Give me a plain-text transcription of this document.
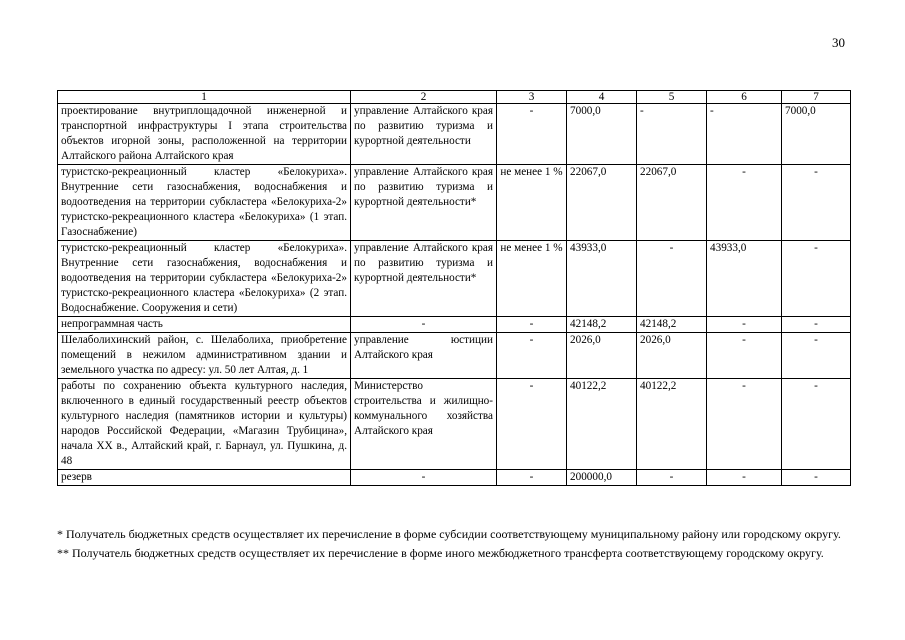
30
1	2	3	4	5	6	7
проектирование внутриплощадочной инженерной и транспортной инфраструктуры I этапа строительства объектов игорной зоны, расположенной на территории Алтайского района Алтайского края	управление Алтайского края по развитию туризма и курортной деятельности	-	7000,0	-	-	7000,0
туристско-рекреационный кластер «Белокуриха». Внутренние сети газоснабжения, водоснабжения и водоотведения на территории субкластера «Белокуриха-2» туристско-рекреационного кластера «Белокуриха» (1 этап. Газоснабжение)	управление Алтайского края по развитию туризма и курортной деятельности*	не менее 1 %	22067,0	22067,0	-	-
туристско-рекреационный кластер «Белокуриха». Внутренние сети газоснабжения, водоснабжения и водоотведения на территории субкластера «Белокуриха-2» туристско-рекреационного кластера «Белокуриха» (2 этап. Водоснабжение. Сооружения и сети)	управление Алтайского края по развитию туризма и курортной деятельности*	не менее 1 %	43933,0	-	43933,0	-
непрограммная часть	-	-	42148,2	42148,2	-	-
Шелаболихинский район, с. Шелаболиха, приобретение помещений в нежилом административном здании и земельного участка по адресу: ул. 50 лет Алтая, д. 1	управление юстиции Алтайского края	-	2026,0	2026,0	-	-
работы по сохранению объекта культурного наследия, включенного в единый государственный реестр объектов культурного наследия (памятников истории и культуры) народов Российской Федерации, «Магазин Трубицина», начала XX в., Алтайский край, г. Барнаул, ул. Пушкина, д. 48	Министерство строительства и жилищно-коммунального хозяйства Алтайского края	-	40122,2	40122,2	-	-
резерв	-	-	200000,0	-	-	-

* Получатель бюджетных средств осуществляет их перечисление в форме субсидии соответствующему муниципальному району или городскому округу.

** Получатель бюджетных средств осуществляет их перечисление в форме иного межбюджетного трансферта соответствующему городскому округу.
